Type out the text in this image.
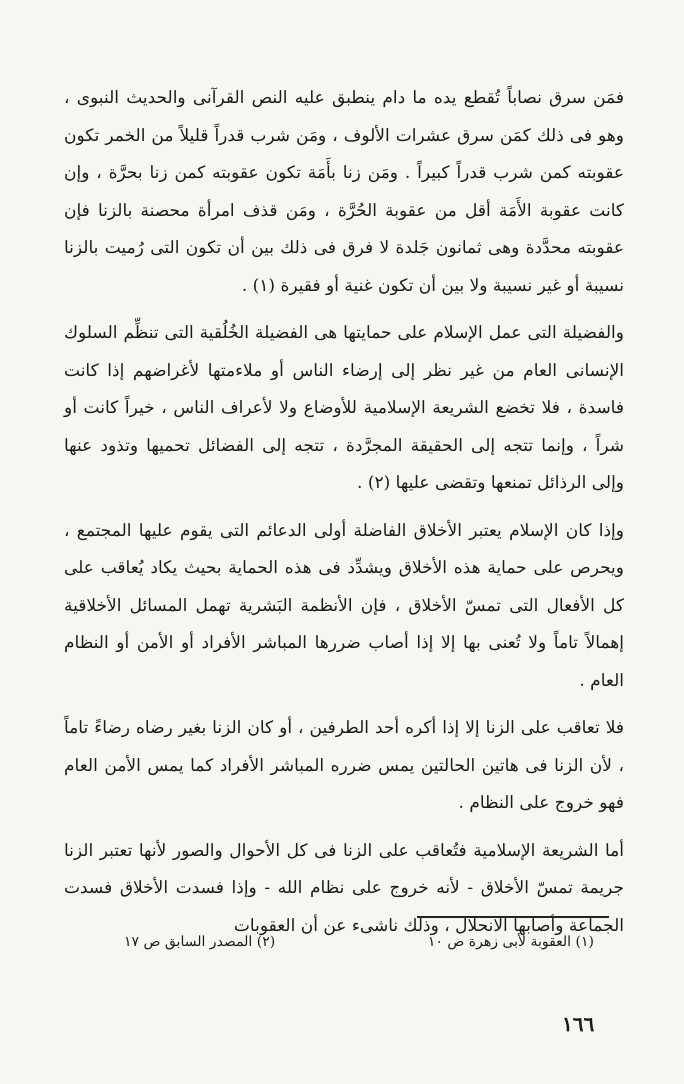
فمَن سرق نصاباً تُقطع يده ما دام ينطبق عليه النص القرآنى والحديث النبوى ، وهو فى ذلك كمَن سرق عشرات الألوف ، ومَن شرب قدراً قليلاً من الخمر تكون عقوبته كمن شرب قدراً كبيراً . ومَن زنا بأَمَة تكون عقوبته كمن زنا بحرَّة ، وإن كانت عقوبة الأَمَة أقل من عقوبة الحُرَّة ، ومَن قذف امرأة محصنة بالزنا فإن عقوبته محدَّدة وهى ثمانون جَلدة لا فرق فى ذلك بين أن تكون التى رُميت بالزنا نسيبة أو غير نسيبة ولا بين أن تكون غنية أو فقيرة (١) .

والفضيلة التى عمل الإسلام على حمايتها هى الفضيلة الخُلُقية التى تنظِّم السلوك الإنسانى العام من غير نظر إلى إرضاء الناس أو ملاءمتها لأغراضهم إذا كانت فاسدة ، فلا تخضع الشريعة الإسلامية للأوضاع ولا لأعراف الناس ، خيراً كانت أو شراً ، وإنما تتجه إلى الحقيقة المجرَّدة ، تتجه إلى الفضائل تحميها وتذود عنها وإلى الرذائل تمنعها وتقضى عليها (٢) .

وإذا كان الإسلام يعتبر الأخلاق الفاضلة أولى الدعائم التى يقوم عليها المجتمع ، ويحرص على حماية هذه الأخلاق ويشدِّد فى هذه الحماية بحيث يكاد يُعاقب على كل الأفعال التى تمسّ الأخلاق ، فإن الأنظمة البَشرية تهمل المسائل الأخلاقية إهمالاً تاماً ولا تُعنى بها إلا إذا أصاب ضررها المباشر الأفراد أو الأمن أو النظام العام .

فلا تعاقب على الزنا إلا إذا أكره أحد الطرفين ، أو كان الزنا بغير رضاه رضاءً تاماً ، لأن الزنا فى هاتين الحالتين يمس ضرره المباشر الأفراد كما يمس الأمن العام فهو خروج على النظام .

أما الشريعة الإسلامية فتُعاقب على الزنا فى كل الأحوال والصور لأنها تعتبر الزنا جريمة تمسّ الأخلاق - لأنه خروج على نظام الله - وإذا فسدت الأخلاق فسدت الجماعة وأصابها الانحلال ، وذلك ناشىء عن أن العقوبات

(١) العقوبة لأبى زهرة ص ١٠
(٢) المصدر السابق ص ١٧
١٦٦
